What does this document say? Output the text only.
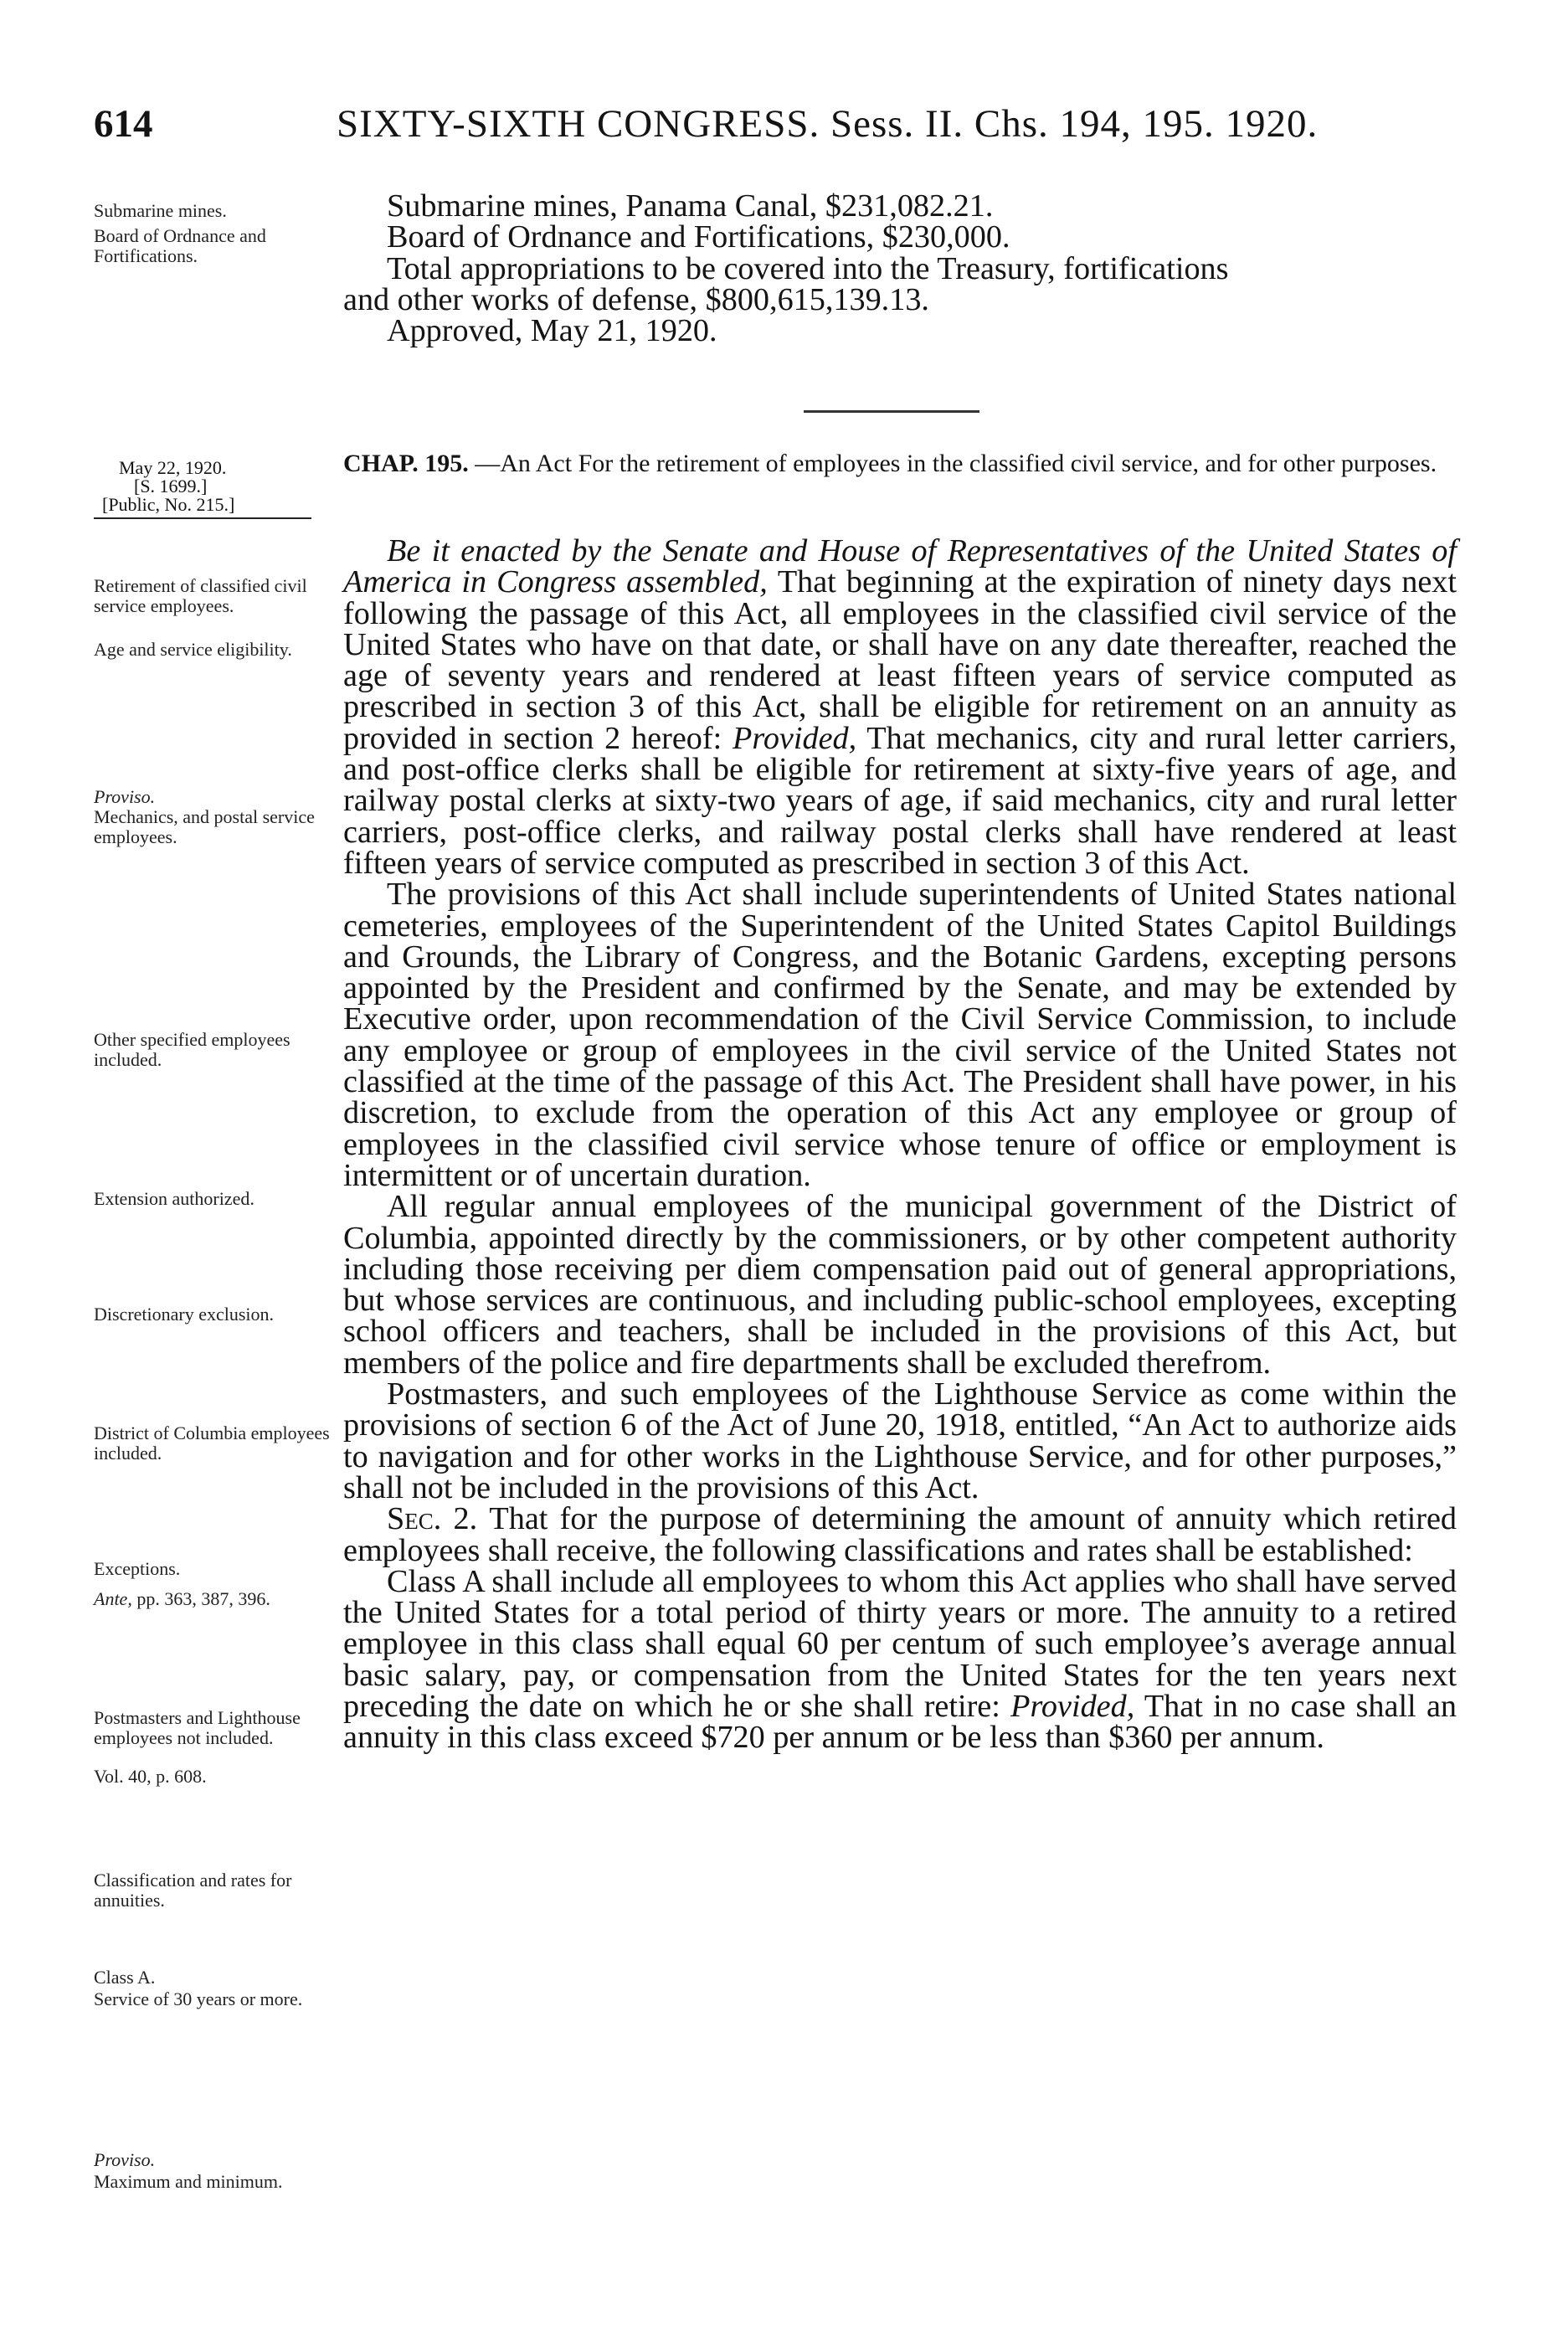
614	SIXTY-SIXTH CONGRESS. Sess. II. Chs. 194, 195. 1920.
Submarine mines.
Board of Ordnance and Fortifications.
Submarine mines, Panama Canal, $231,082.21.
Board of Ordnance and Fortifications, $230,000.
Total appropriations to be covered into the Treasury, fortifications
and other works of defense, $800,615,139.13.
Approved, May 21, 1920.
May 22, 1920.
[S. 1699.]
[Public, No. 215.]
CHAP. 195. —An Act For the retirement of employees in the classified civil service, and for other purposes.
Retirement of classified civil service employees.
Age and service eligibility.
Proviso.
Mechanics, and postal service employees.
Other specified employees included.
Extension authorized.
Discretionary exclusion.
District of Columbia employees included.
Exceptions.
Ante, pp. 363, 387, 396.
Postmasters and Lighthouse employees not included.
Vol. 40, p. 608.
Classification and rates for annuities.
Class A.
Service of 30 years or more.
Proviso.
Maximum and minimum.

Be it enacted by the Senate and House of Representatives of the United States of America in Congress assembled, That beginning at the expiration of ninety days next following the passage of this Act, all employees in the classified civil service of the United States who have on that date, or shall have on any date thereafter, reached the age of seventy years and rendered at least fifteen years of service computed as prescribed in section 3 of this Act, shall be eligible for retirement on an annuity as provided in section 2 hereof: Provided, That mechanics, city and rural letter carriers, and post-office clerks shall be eligible for retirement at sixty-five years of age, and railway postal clerks at sixty-two years of age, if said mechanics, city and rural letter carriers, post-office clerks, and railway postal clerks shall have rendered at least fifteen years of service computed as prescribed in section 3 of this Act.

The provisions of this Act shall include superintendents of United States national cemeteries, employees of the Superintendent of the United States Capitol Buildings and Grounds, the Library of Congress, and the Botanic Gardens, excepting persons appointed by the President and confirmed by the Senate, and may be extended by Executive order, upon recommendation of the Civil Service Commission, to include any employee or group of employees in the civil service of the United States not classified at the time of the passage of this Act. The President shall have power, in his discretion, to exclude from the operation of this Act any employee or group of employees in the classified civil service whose tenure of office or employment is intermittent or of uncertain duration.

All regular annual employees of the municipal government of the District of Columbia, appointed directly by the commissioners, or by other competent authority including those receiving per diem compensation paid out of general appropriations, but whose services are continuous, and including public-school employees, excepting school officers and teachers, shall be included in the provisions of this Act, but members of the police and fire departments shall be excluded therefrom.

Postmasters, and such employees of the Lighthouse Service as come within the provisions of section 6 of the Act of June 20, 1918, entitled, “An Act to authorize aids to navigation and for other works in the Lighthouse Service, and for other purposes,” shall not be included in the provisions of this Act.

Sec. 2. That for the purpose of determining the amount of annuity which retired employees shall receive, the following classifications and rates shall be established:

Class A shall include all employees to whom this Act applies who shall have served the United States for a total period of thirty years or more. The annuity to a retired employee in this class shall equal 60 per centum of such employee’s average annual basic salary, pay, or compensation from the United States for the ten years next preceding the date on which he or she shall retire: Provided, That in no case shall an annuity in this class exceed $720 per annum or be less than $360 per annum.
